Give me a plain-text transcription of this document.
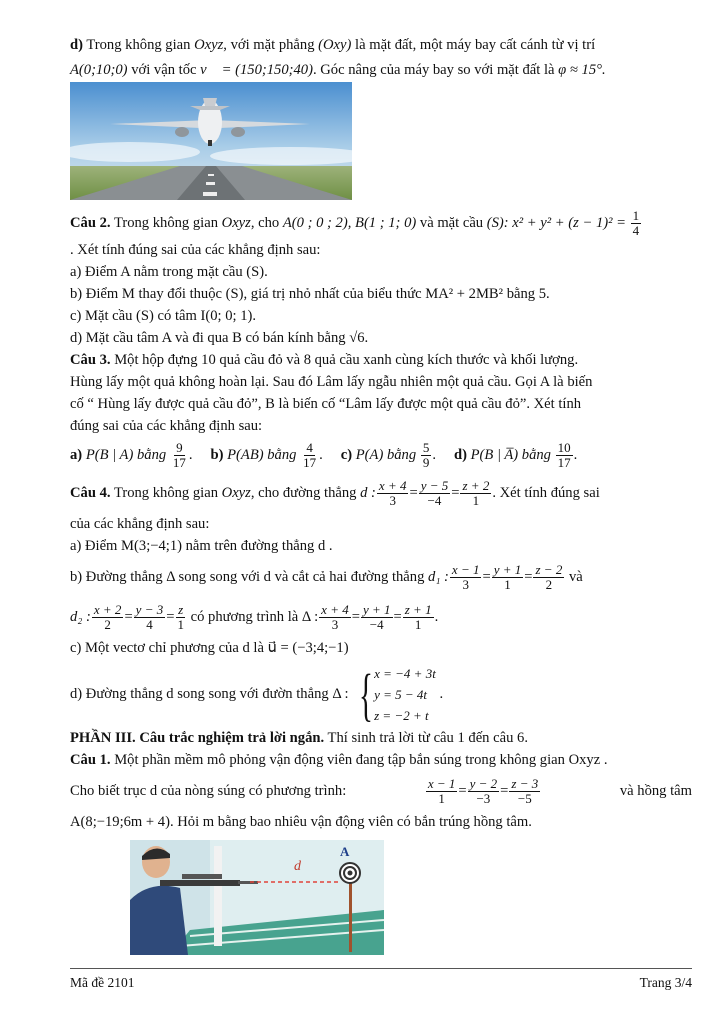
d) Trong không gian Oxyz, với mặt phẳng (Oxy) là mặt đất, một máy bay cất cánh từ vị trí
A(0;10;0) với vận tốc v⃗ = (150;150;40). Góc nâng của máy bay so với mặt đất là φ ≈ 15°.
Câu 2. Trong không gian Oxyz, cho A(0 ; 0 ; 2), B(1 ; 1; 0) và mặt cầu (S): $x^2 + y^2 + (z - 1)^2 = \frac{1}{4}$
. Xét tính đúng sai của các khẳng định sau:
a) Điểm A nằm trong mặt cầu (S).
b) Điểm M thay đổi thuộc (S), giá trị nhỏ nhất của biểu thức MA² + 2MB² bằng 5.
c) Mặt cầu (S) có tâm I(0; 0; 1).
d) Mặt cầu tâm A và đi qua B có bán kính bằng √6.
Câu 3. Một hộp đựng 10 quả cầu đỏ và 8 quả cầu xanh cùng kích thước và khối lượng.
Hùng lấy một quả không hoàn lại. Sau đó Lâm lấy ngẫu nhiên một quả cầu. Gọi A là biến
cố “ Hùng lấy được quả cầu đỏ”, B là biến cố “Lâm lấy được một quả cầu đỏ”. Xét tính
đúng sai của các khẳng định sau:
a) P(B | A) bằng $\frac{9}{17}$ . b) P(AB) bằng $\frac{4}{17}$ . c) P(A) bằng $\frac{5}{9}$ . d) P(B | A̅) bằng $\frac{10}{17}$ .
Câu 4. Trong không gian Oxyz, cho đường thẳng d : $\frac{x + 4}{3} = \frac{y - 5}{-4} = \frac{z + 2}{1}$ . Xét tính đúng sai
của các khẳng định sau:
a) Điểm M(3;−4;1) nằm trên đường thẳng d .
b) Đường thẳng Δ song song với d và cắt cả hai đường thẳng d₁ : $\frac{x - 1}{3} = \frac{y + 1}{1} = \frac{z - 2}{2}$ và
d₂ : $\frac{x + 2}{2} = \frac{y - 3}{4} = \frac{z}{1}$ có phương trình là Δ : $\frac{x + 4}{3} = \frac{y + 1}{-4} = \frac{z + 1}{1}$ .
c) Một vectơ chỉ phương của d là u⃗ = (−3;4;−1)
d) Đường thẳng d song song với đườn thẳng Δ : { x = −4 + 3t
y = 5 − 4t
z = −2 + t
.
PHẦN III. Câu trắc nghiệm trả lời ngắn. Thí sinh trả lời từ câu 1 đến câu 6.
Câu 1. Một phần mềm mô phỏng vận động viên đang tập bắn súng trong không gian Oxyz .
Cho biết trục d của nòng súng có phương trình:	$\frac{x - 1}{1} = \frac{y - 2}{-3} = \frac{z - 3}{-5}$	và hồng tâm
A(8;−19;6m + 4). Hỏi m bằng bao nhiêu vận động viên có bắn trúng hồng tâm.
d
A
Mã đề 2101	Trang 3/4
